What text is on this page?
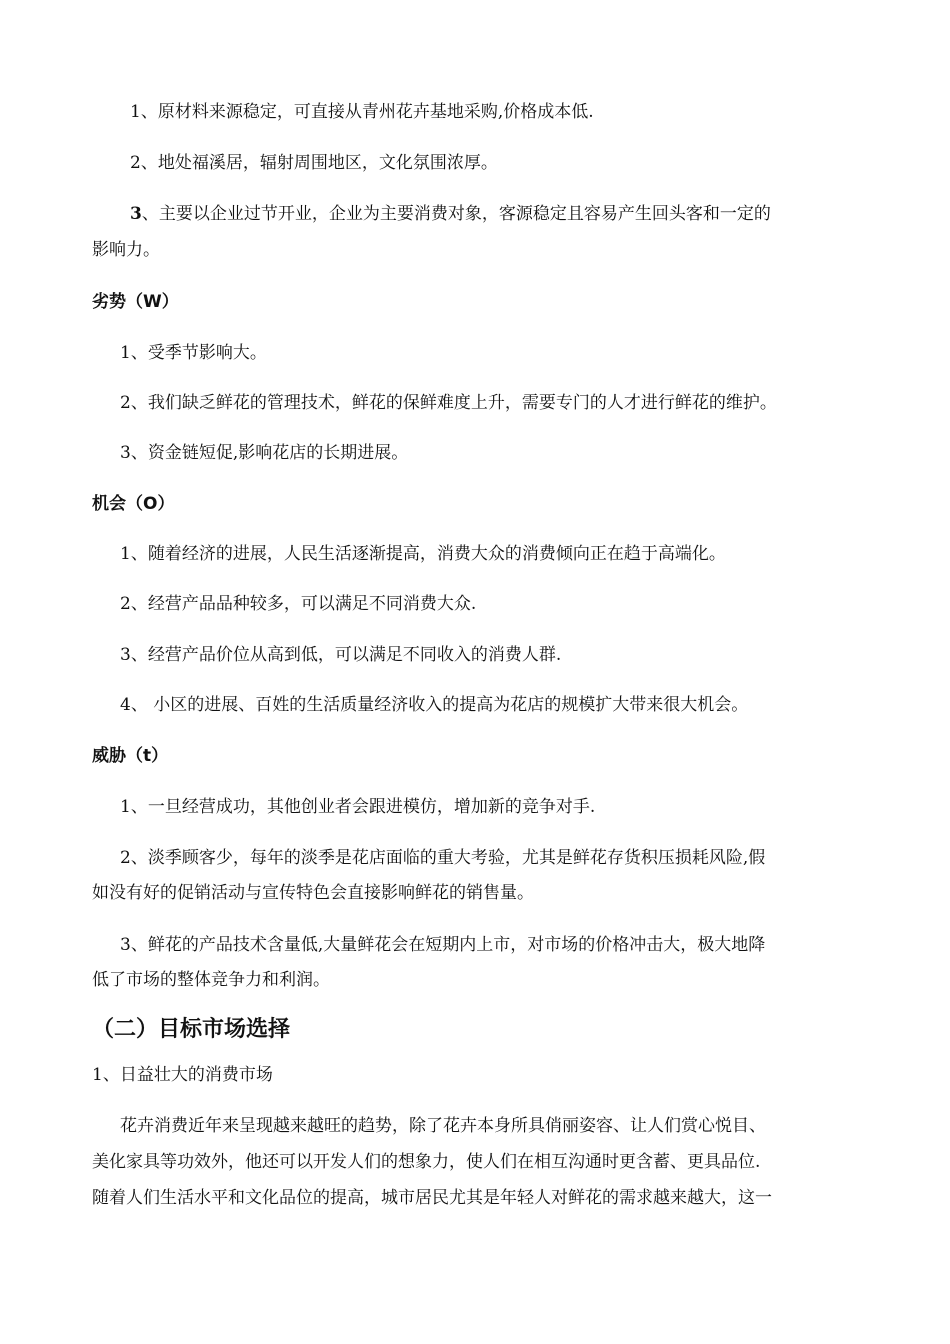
1、原材料来源稳定，可直接从青州花卉基地采购,价格成本低.
2、地处福溪居，辐射周围地区，文化氛围浓厚。
3、主要以企业过节开业，企业为主要消费对象，客源稳定且容易产生回头客和一定的
影响力。
劣势（W）
1、受季节影响大。
2、我们缺乏鲜花的管理技术，鲜花的保鲜难度上升，需要专门的人才进行鲜花的维护。
3、资金链短促,影响花店的长期进展。
机会（O）
1、随着经济的进展，人民生活逐渐提高，消费大众的消费倾向正在趋于高端化。
2、经营产品品种较多，可以满足不同消费大众.
3、经营产品价位从高到低，可以满足不同收入的消费人群.
4、 小区的进展、百姓的生活质量经济收入的提高为花店的规模扩大带来很大机会。
威胁（t）
1、一旦经营成功，其他创业者会跟进模仿，增加新的竞争对手.
2、淡季顾客少，每年的淡季是花店面临的重大考验，尤其是鲜花存货积压损耗风险,假
如没有好的促销活动与宣传特色会直接影响鲜花的销售量。
3、鲜花的产品技术含量低,大量鲜花会在短期内上市，对市场的价格冲击大，极大地降
低了市场的整体竞争力和利润。
（二）目标市场选择
1、日益壮大的消费市场
花卉消费近年来呈现越来越旺的趋势，除了花卉本身所具俏丽姿容、让人们赏心悦目、
美化家具等功效外，他还可以开发人们的想象力，使人们在相互沟通时更含蓄、更具品位.
随着人们生活水平和文化品位的提高，城市居民尤其是年轻人对鲜花的需求越来越大，这一
